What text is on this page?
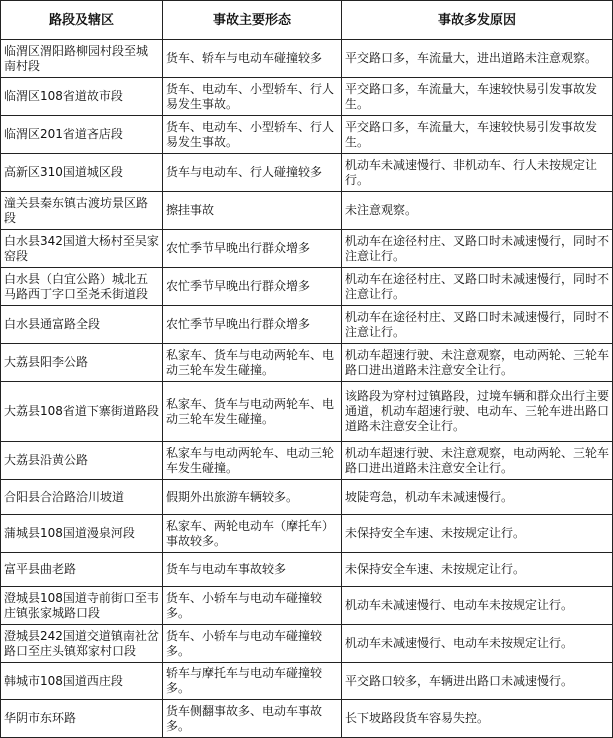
路段及辖区	事故主要形态	事故多发原因
临渭区渭阳路柳园村段至城南村段	货车、轿车与电动车碰撞较多	平交路口多，车流量大，进出道路未注意观察。
临渭区108省道故市段	货车、电动车、小型轿车、行人易发生事故。	平交路口多，车流量大，车速较快易引发事故发生。
临渭区201省道吝店段	货车、电动车、小型轿车、行人易发生事故。	平交路口多，车流量大，车速较快易引发事故发生。
高新区310国道城区段	货车与电动车、行人碰撞较多	机动车未减速慢行、非机动车、行人未按规定让行。
潼关县秦东镇古渡坊景区路段	擦挂事故	未注意观察。
白水县342国道大杨村至吴家窑段	农忙季节早晚出行群众增多	机动车在途径村庄、叉路口时未减速慢行，同时不注意让行。
白水县（白宜公路）城北五马路西丁字口至尧禾街道段	农忙季节早晚出行群众增多	机动车在途径村庄、叉路口时未减速慢行，同时不注意让行。
白水县通富路全段	农忙季节早晚出行群众增多	机动车在途径村庄、叉路口时未减速慢行，同时不注意让行。
大荔县阳李公路	私家车、货车与电动两轮车、电动三轮车发生碰撞。	机动车超速行驶、未注意观察，电动两轮、三轮车路口进出道路未注意安全让行。
大荔县108省道下寨街道路段	私家车、货车与电动两轮车、电动三轮车发生碰撞。	该路段为穿村过镇路段，过境车辆和群众出行主要通道，机动车超速行驶、电动车、三轮车进出路口道路未注意安全让行。
大荔县沿黄公路	私家车与电动两轮车、电动三轮车发生碰撞。	机动车超速行驶、未注意观察，电动两轮、三轮车路口进出道路未注意安全让行。
合阳县合洽路洽川坡道	假期外出旅游车辆较多。	坡陡弯急，机动车未减速慢行。
蒲城县108国道漫泉河段	私家车、两轮电动车（摩托车）事故较多。	未保持安全车速、未按规定让行。
富平县曲老路	货车与电动车事故较多	未保持安全车速、未按规定让行。
澄城县108国道寺前街口至韦庄镇张家城路口段	货车、小轿车与电动车碰撞较多。	机动车未减速慢行、电动车未按规定让行。
澄城县242国道交道镇南社岔路口至庄头镇郑家村口段	货车、小轿车与电动车碰撞较多。	机动车未减速慢行、电动车未按规定让行。
韩城市108国道西庄段	轿车与摩托车与电动车碰撞较多。	平交路口较多，车辆进出路口未减速慢行。
华阴市东环路	货车侧翻事故多、电动车事故多。	长下坡路段货车容易失控。
